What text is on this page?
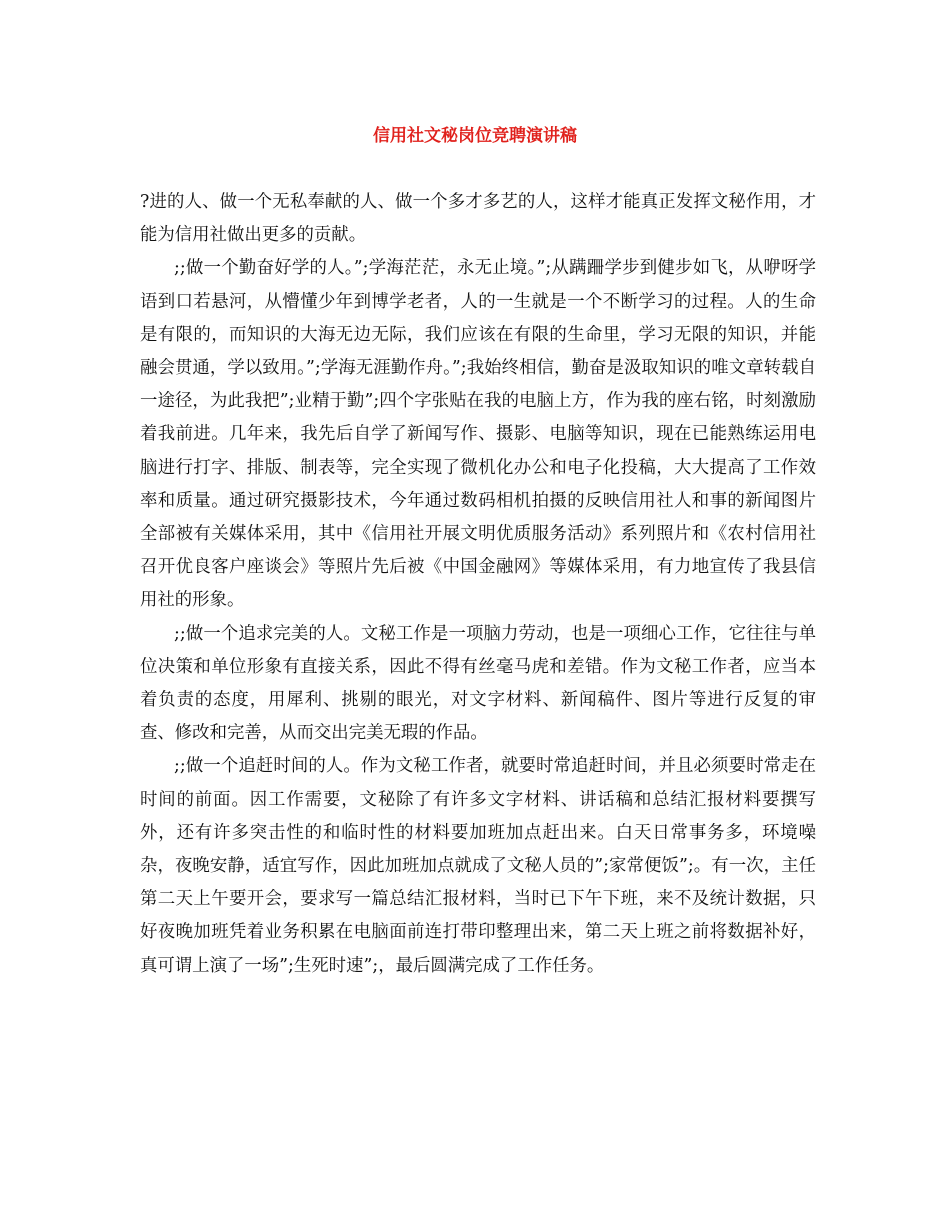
信用社文秘岗位竞聘演讲稿

?进的人、做一个无私奉献的人、做一个多才多艺的人，这样才能真正发挥文秘作用，才能为信用社做出更多的贡献。

;;做一个勤奋好学的人。”;学海茫茫，永无止境。”;从蹒跚学步到健步如飞，从咿呀学语到口若悬河，从懵懂少年到博学老者，人的一生就是一个不断学习的过程。人的生命是有限的，而知识的大海无边无际，我们应该在有限的生命里，学习无限的知识，并能融会贯通，学以致用。”;学海无涯勤作舟。”;我始终相信，勤奋是汲取知识的唯文章转载自一途径，为此我把”;业精于勤”;四个字张贴在我的电脑上方，作为我的座右铭，时刻激励着我前进。几年来，我先后自学了新闻写作、摄影、电脑等知识，现在已能熟练运用电脑进行打字、排版、制表等，完全实现了微机化办公和电子化投稿，大大提高了工作效率和质量。通过研究摄影技术，今年通过数码相机拍摄的反映信用社人和事的新闻图片全部被有关媒体采用，其中《信用社开展文明优质服务活动》系列照片和《农村信用社召开优良客户座谈会》等照片先后被《中国金融网》等媒体采用，有力地宣传了我县信用社的形象。

;;做一个追求完美的人。文秘工作是一项脑力劳动，也是一项细心工作，它往往与单位决策和单位形象有直接关系，因此不得有丝毫马虎和差错。作为文秘工作者，应当本着负责的态度，用犀利、挑剔的眼光，对文字材料、新闻稿件、图片等进行反复的审查、修改和完善，从而交出完美无瑕的作品。

;;做一个追赶时间的人。作为文秘工作者，就要时常追赶时间，并且必须要时常走在时间的前面。因工作需要，文秘除了有许多文字材料、讲话稿和总结汇报材料要撰写外，还有许多突击性的和临时性的材料要加班加点赶出来。白天日常事务多，环境噪杂，夜晚安静，适宜写作，因此加班加点就成了文秘人员的”;家常便饭”;。有一次，主任第二天上午要开会，要求写一篇总结汇报材料，当时已下午下班，来不及统计数据，只好夜晚加班凭着业务积累在电脑面前连打带印整理出来，第二天上班之前将数据补好，真可谓上演了一场”;生死时速”;，最后圆满完成了工作任务。
